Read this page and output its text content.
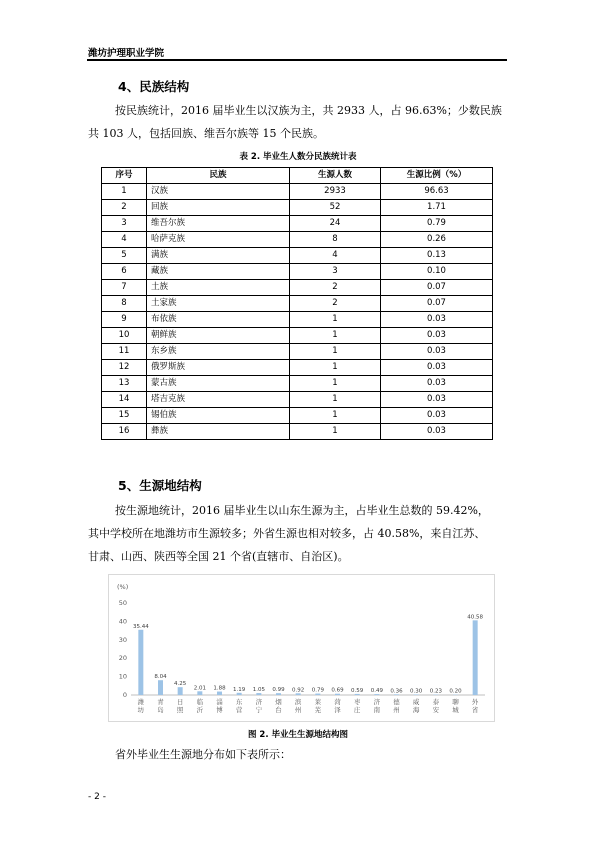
潍坊护理职业学院
4、民族结构
按民族统计，2016 届毕业生以汉族为主，共 2933 人，占 96.63%；少数民族
共 103 人，包括回族、维吾尔族等 15 个民族。
表 2. 毕业生人数分民族统计表
序号	民族	生源人数	生源比例（%）
1	汉族	2933	96.63
2	回族	52	1.71
3	维吾尔族	24	0.79
4	哈萨克族	8	0.26
5	满族	4	0.13
6	藏族	3	0.10
7	土族	2	0.07
8	土家族	2	0.07
9	布依族	1	0.03
10	朝鲜族	1	0.03
11	东乡族	1	0.03
12	俄罗斯族	1	0.03
13	蒙古族	1	0.03
14	塔吉克族	1	0.03
15	锡伯族	1	0.03
16	彝族	1	0.03
5、生源地结构
按生源地统计，2016 届毕业生以山东生源为主，占毕业生总数的 59.42%，
其中学校所在地潍坊市生源较多；外省生源也相对较多，占 40.58%，来自江苏、
甘肃、山西、陕西等全国 21 个省(直辖市、自治区)。
(%)
0
10
20
30
40
50
35.44
潍
坊
8.04
青
岛
4.25
日
照
2.01
临
沂
1.88
淄
博
1.19
东
营
1.05
济
宁
0.99
烟
台
0.92
滨
州
0.79
莱
芜
0.69
菏
泽
0.59
枣
庄
0.49
济
南
0.36
德
州
0.30
威
海
0.23
泰
安
0.20
聊
城
40.58
外
省
图 2. 毕业生生源地结构图
省外毕业生生源地分布如下表所示：
- 2 -
